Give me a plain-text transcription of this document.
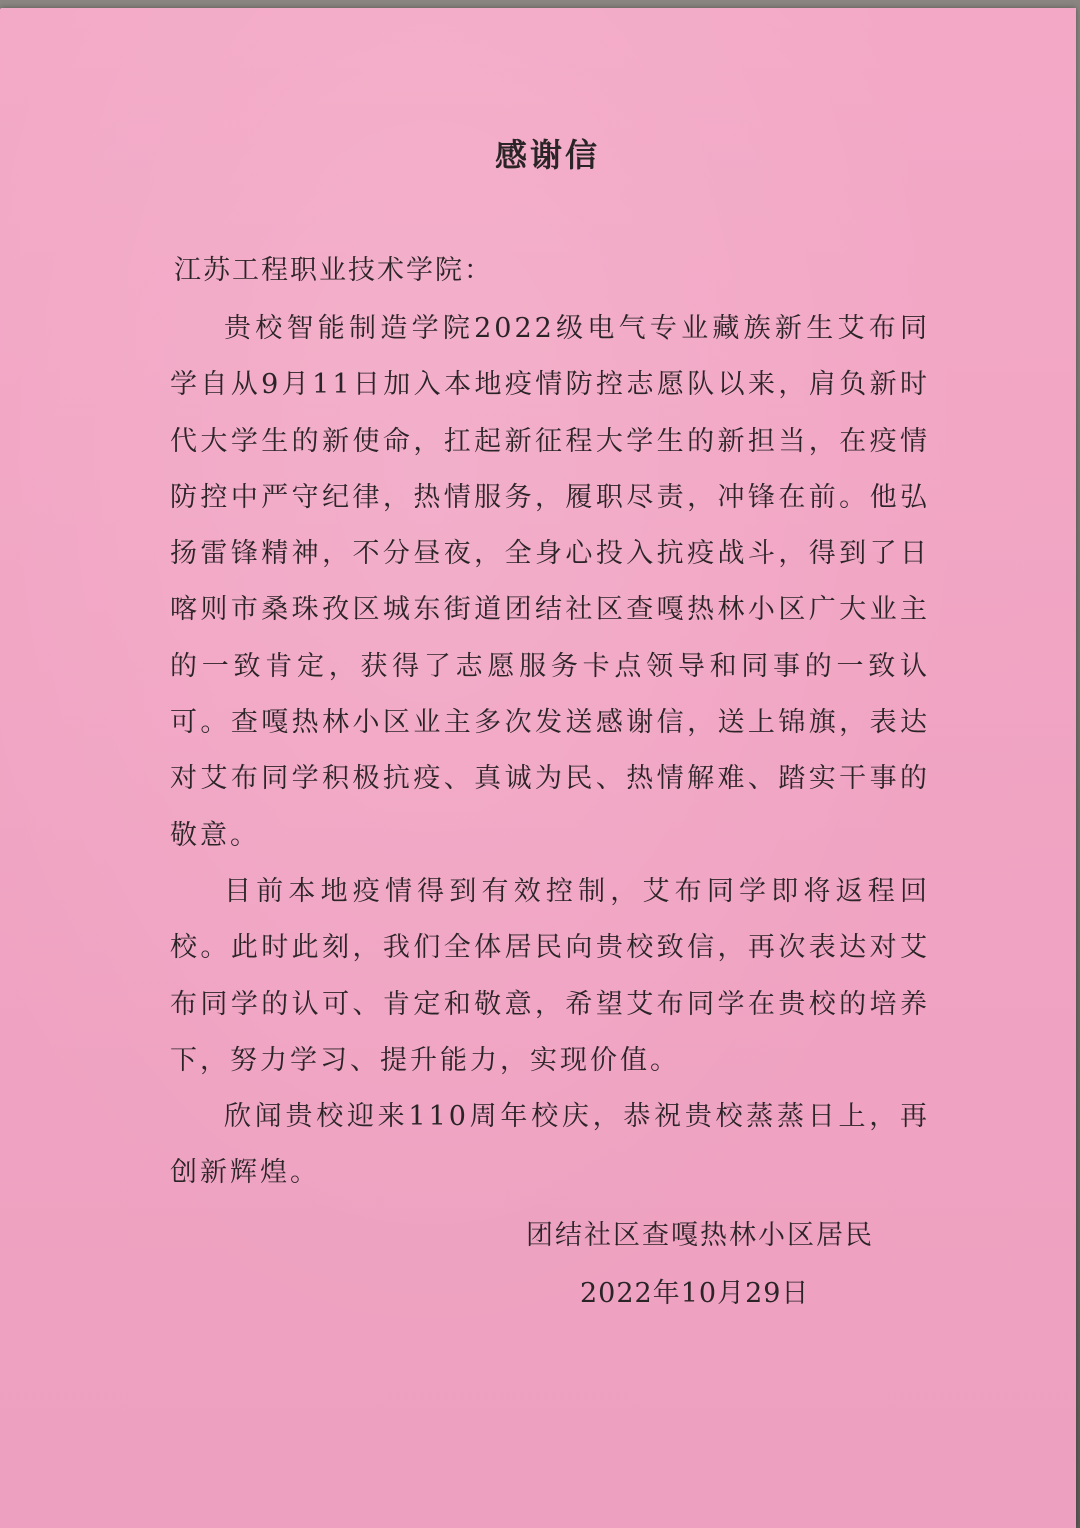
感谢信
江苏工程职业技术学院：

贵校智能制造学院2022级电气专业藏族新生艾布同学自从9月11日加入本地疫情防控志愿队以来，肩负新时代大学生的新使命，扛起新征程大学生的新担当，在疫情防控中严守纪律，热情服务，履职尽责，冲锋在前。他弘扬雷锋精神，不分昼夜，全身心投入抗疫战斗，得到了日喀则市桑珠孜区城东街道团结社区查嘎热林小区广大业主的一致肯定，获得了志愿服务卡点领导和同事的一致认可。查嘎热林小区业主多次发送感谢信，送上锦旗，表达对艾布同学积极抗疫、真诚为民、热情解难、踏实干事的敬意。

目前本地疫情得到有效控制，艾布同学即将返程回校。此时此刻，我们全体居民向贵校致信，再次表达对艾布同学的认可、肯定和敬意，希望艾布同学在贵校的培养下，努力学习、提升能力，实现价值。

欣闻贵校迎来110周年校庆，恭祝贵校蒸蒸日上，再创新辉煌。

团结社区查嘎热林小区居民
2022年10月29日
